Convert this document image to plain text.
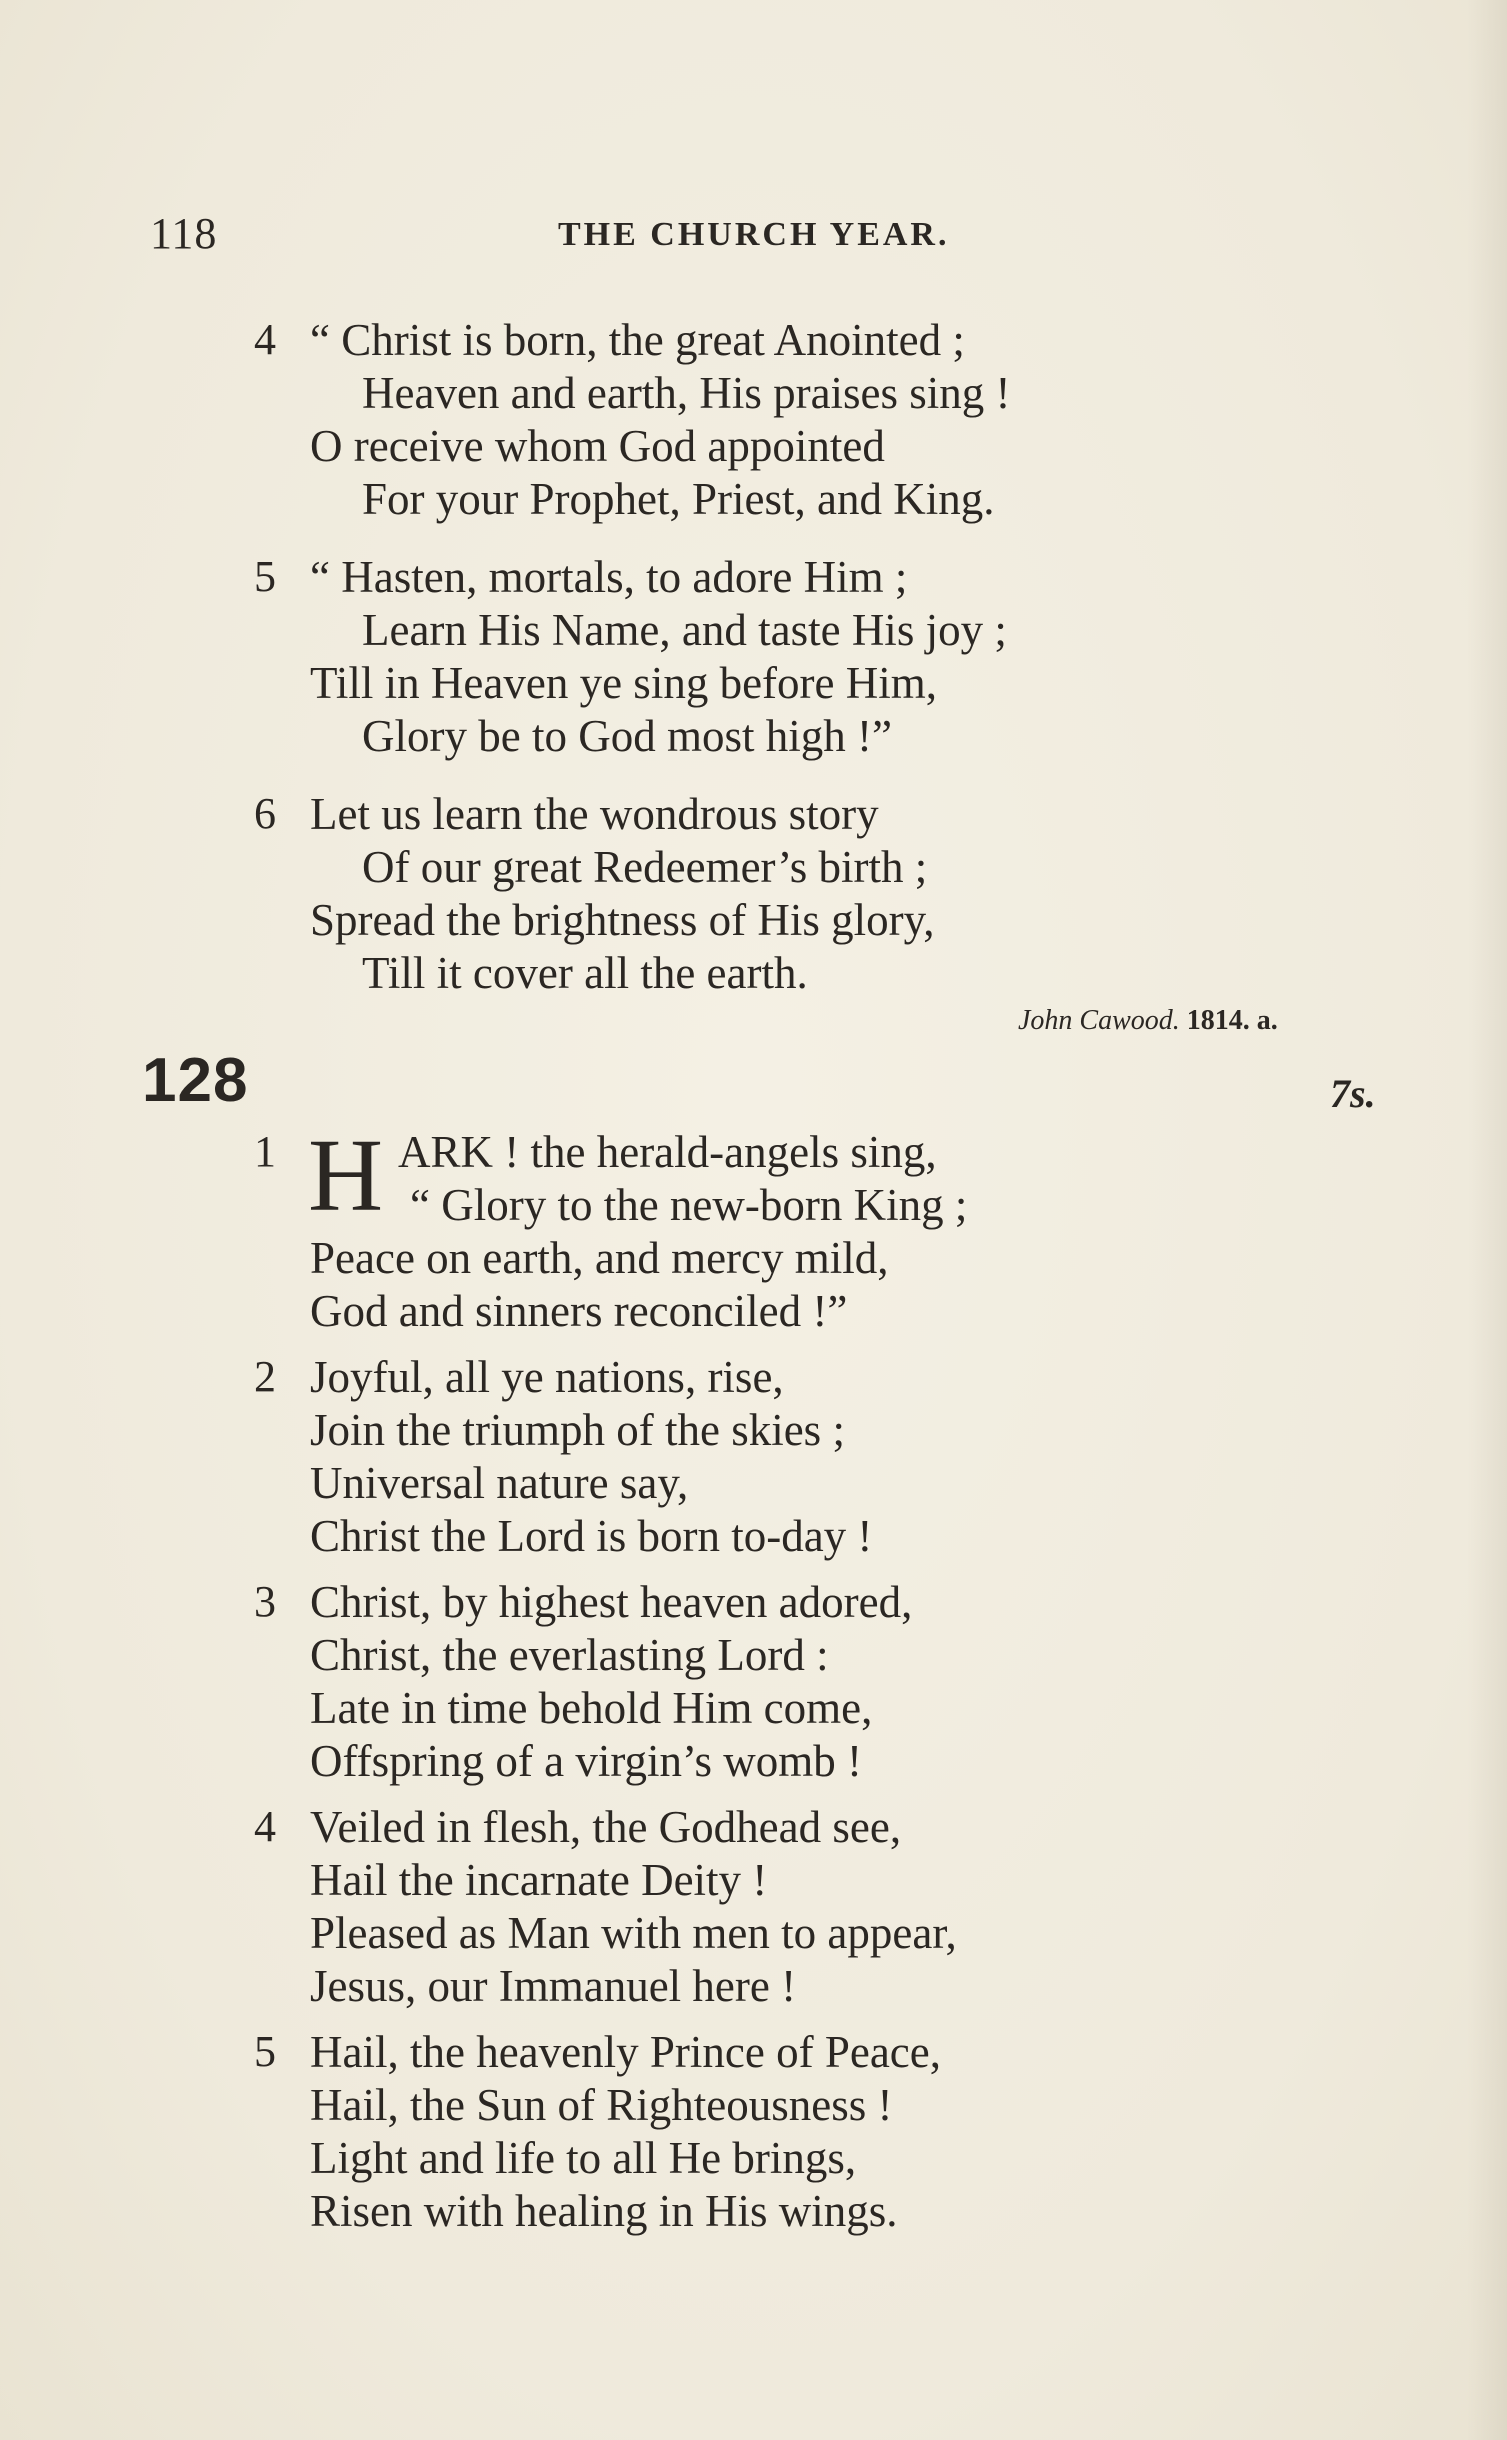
118	THE CHURCH YEAR.
4 “ Christ is born, the great Anointed ;
Heaven and earth, His praises sing !
O receive whom God appointed
For your Prophet, Priest, and King.
5 “ Hasten, mortals, to adore Him ;
Learn His Name, and taste His joy ;
Till in Heaven ye sing before Him,
Glory be to God most high !”
6 Let us learn the wondrous story
Of our great Redeemer’s birth ;
Spread the brightness of His glory,
Till it cover all the earth.
John Cawood. 1814. a.
128	7s.
1 H ARK ! the herald-angels sing,
“ Glory to the new-born King ;
Peace on earth, and mercy mild,
God and sinners reconciled !”
2 Joyful, all ye nations, rise,
Join the triumph of the skies ;
Universal nature say,
Christ the Lord is born to-day !
3 Christ, by highest heaven adored,
Christ, the everlasting Lord :
Late in time behold Him come,
Offspring of a virgin’s womb !
4 Veiled in flesh, the Godhead see,
Hail the incarnate Deity !
Pleased as Man with men to appear,
Jesus, our Immanuel here !
5 Hail, the heavenly Prince of Peace,
Hail, the Sun of Righteousness !
Light and life to all He brings,
Risen with healing in His wings.
